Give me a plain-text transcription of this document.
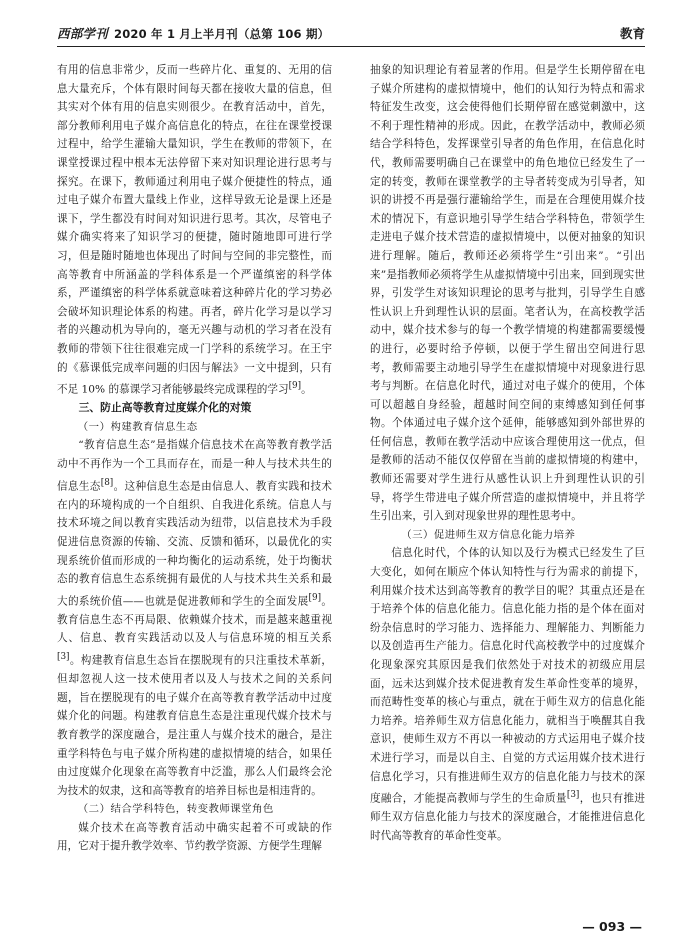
西部学刊 2020 年 1 月上半月刊（总第 106 期）	教育

有用的信息非常少，反而一些碎片化、重复的、无用的信息大量充斥，个体有限时间每天都在接收大量的信息，但其实对个体有用的信息实则很少。在教育活动中，首先，部分教师利用电子媒介高信息化的特点，在往在课堂授课过程中，给学生灌输大量知识，学生在教师的带领下，在课堂授课过程中根本无法停留下来对知识理论进行思考与探究。在课下，教师通过利用电子媒介便捷性的特点，通过电子媒介布置大量线上作业，这样导致无论是课上还是课下，学生都没有时间对知识进行思考。其次，尽管电子媒介确实将来了知识学习的便捷，随时随地即可进行学习，但是随时随地也体现出了时间与空间的非完整性，而高等教育中所涵盖的学科体系是一个严谨缜密的科学体系，严谨缜密的科学体系就意味着这种碎片化的学习势必会破坏知识理论体系的构建。再者，碎片化学习是以学习者的兴趣动机为导向的，毫无兴趣与动机的学习者在没有教师的带领下往往很难完成一门学科的系统学习。在王宇的《慕课低完成率问题的归因与解法》一文中提到，只有不足 10% 的慕课学习者能够最终完成课程的学习[9]。

三、防止高等教育过度媒介化的对策
（一）构建教育信息生态

“教育信息生态”是指媒介信息技术在高等教育教学活动中不再作为一个工具而存在，而是一种人与技术共生的信息生态[8]。这种信息生态是由信息人、教育实践和技术在内的环境构成的一个自组织、自我进化系统。信息人与技术环境之间以教育实践活动为纽带，以信息技术为手段促进信息资源的传输、交流、反馈和循环，以最优化的实现系统价值而形成的一种均衡化的运动系统，处于均衡状态的教育信息生态系统拥有最优的人与技术共生关系和最大的系统价值——也就是促进教师和学生的全面发展[9]。教育信息生态不再局限、依赖媒介技术，而是越来越重视人、信息、教育实践活动以及人与信息环境的相互关系[3]。构建教育信息生态旨在摆脱现有的只注重技术革新，但却忽视人这一技术使用者以及人与技术之间的关系问题，旨在摆脱现有的电子媒介在高等教育教学活动中过度媒介化的问题。构建教育信息生态是注重现代媒介技术与教育教学的深度融合，是注重人与媒介技术的融合，是注重学科特色与电子媒介所构建的虚拟情境的结合，如果任由过度媒介化现象在高等教育中泛滥，那么人们最终会沦为技术的奴隶，这和高等教育的培养目标也是相违背的。

（二）结合学科特色，转变教师课堂角色

媒介技术在高等教育活动中确实起着不可或缺的作用，它对于提升教学效率、节约教学资源、方便学生理解

抽象的知识理论有着显著的作用。但是学生长期停留在电子媒介所建构的虚拟情境中，他们的认知行为特点和需求特征发生改变，这会使得他们长期停留在感觉刺激中，这不利于理性精神的形成。因此，在教学活动中，教师必须结合学科特色，发挥课堂引导者的角色作用，在信息化时代，教师需要明确自己在课堂中的角色地位已经发生了一定的转变，教师在课堂教学的主导者转变成为引导者，知识的讲授不再是强行灌输给学生，而是在合理使用媒介技术的情况下，有意识地引导学生结合学科特色，带领学生走进电子媒介技术营造的虚拟情境中，以便对抽象的知识进行理解。随后，教师还必须将学生“引出来”。“引出来”是指教师必须将学生从虚拟情境中引出来，回到现实世界，引发学生对该知识理论的思考与批判，引导学生自感性认识上升到理性认识的层面。笔者认为，在高校教学活动中，媒介技术参与的每一个教学情境的构建都需要缓慢的进行，必要时给予停顿，以便于学生留出空间进行思考，教师需要主动地引导学生在虚拟情境中对现象进行思考与判断。在信息化时代，通过对电子媒介的使用，个体可以超越自身经验，超越时间空间的束缚感知到任何事物。个体通过电子媒介这个延伸，能够感知到外部世界的任何信息，教师在教学活动中应该合理使用这一优点，但是教师的活动不能仅仅停留在当前的虚拟情境的构建中，教师还需要对学生进行从感性认识上升到理性认识的引导，将学生带进电子媒介所营造的虚拟情境中，并且将学生引出来，引入到对现象世界的理性思考中。

（三）促进师生双方信息化能力培养

信息化时代，个体的认知以及行为模式已经发生了巨大变化，如何在顺应个体认知特性与行为需求的前提下，利用媒介技术达到高等教育的教学目的呢？其重点还是在于培养个体的信息化能力。信息化能力指的是个体在面对纷杂信息时的学习能力、选择能力、理解能力、判断能力以及创造再生产能力。信息化时代高校教学中的过度媒介化现象深究其原因是我们依然处于对技术的初级应用层面，远未达到媒介技术促进教育发生革命性变革的境界，而范畴性变革的核心与重点，就在于师生双方的信息化能力培养。培养师生双方信息化能力，就相当于唤醒其自我意识，使师生双方不再以一种被动的方式运用电子媒介技术进行学习，而是以自主、自觉的方式运用媒介技术进行信息化学习，只有推进师生双方的信息化能力与技术的深度融合，才能提高教师与学生的生命质量[3]，也只有推进师生双方信息化能力与技术的深度融合，才能推进信息化时代高等教育的革命性变革。

— 093 —
